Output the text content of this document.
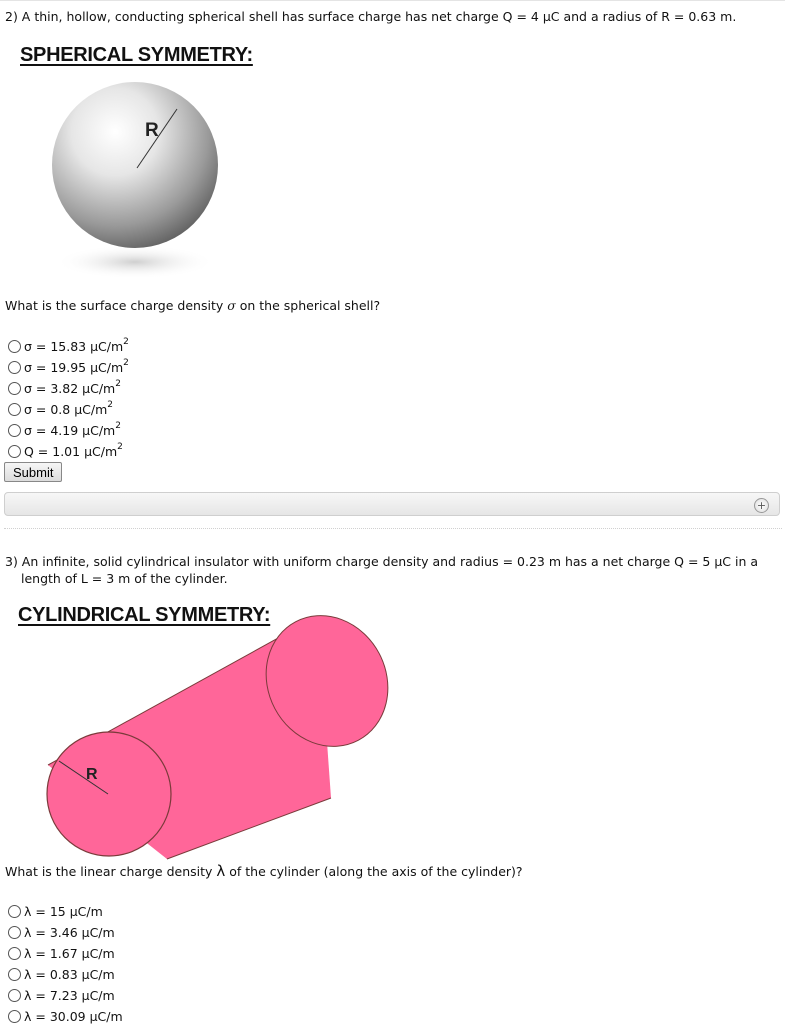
2) A thin, hollow, conducting spherical shell has surface charge has net charge Q = 4 μC and a radius of R = 0.63 m.
SPHERICAL SYMMETRY:
R
What is the surface charge density σ on the spherical shell?
σ = 15.83 μC/m 2
σ = 19.95 μC/m 2
σ = 3.82 μC/m 2
σ = 0.8 μC/m 2
σ = 4.19 μC/m 2
Q = 1.01 μC/m 2
Submit
+
3) An infinite, solid cylindrical insulator with uniform charge density and radius = 0.23 m has a net charge Q = 5 μC in a
length of L = 3 m of the cylinder.
CYLINDRICAL SYMMETRY:
R
What is the linear charge density λ of the cylinder (along the axis of the cylinder)?
λ = 15 μC/m
λ = 3.46 μC/m
λ = 1.67 μC/m
λ = 0.83 μC/m
λ = 7.23 μC/m
λ = 30.09 μC/m
